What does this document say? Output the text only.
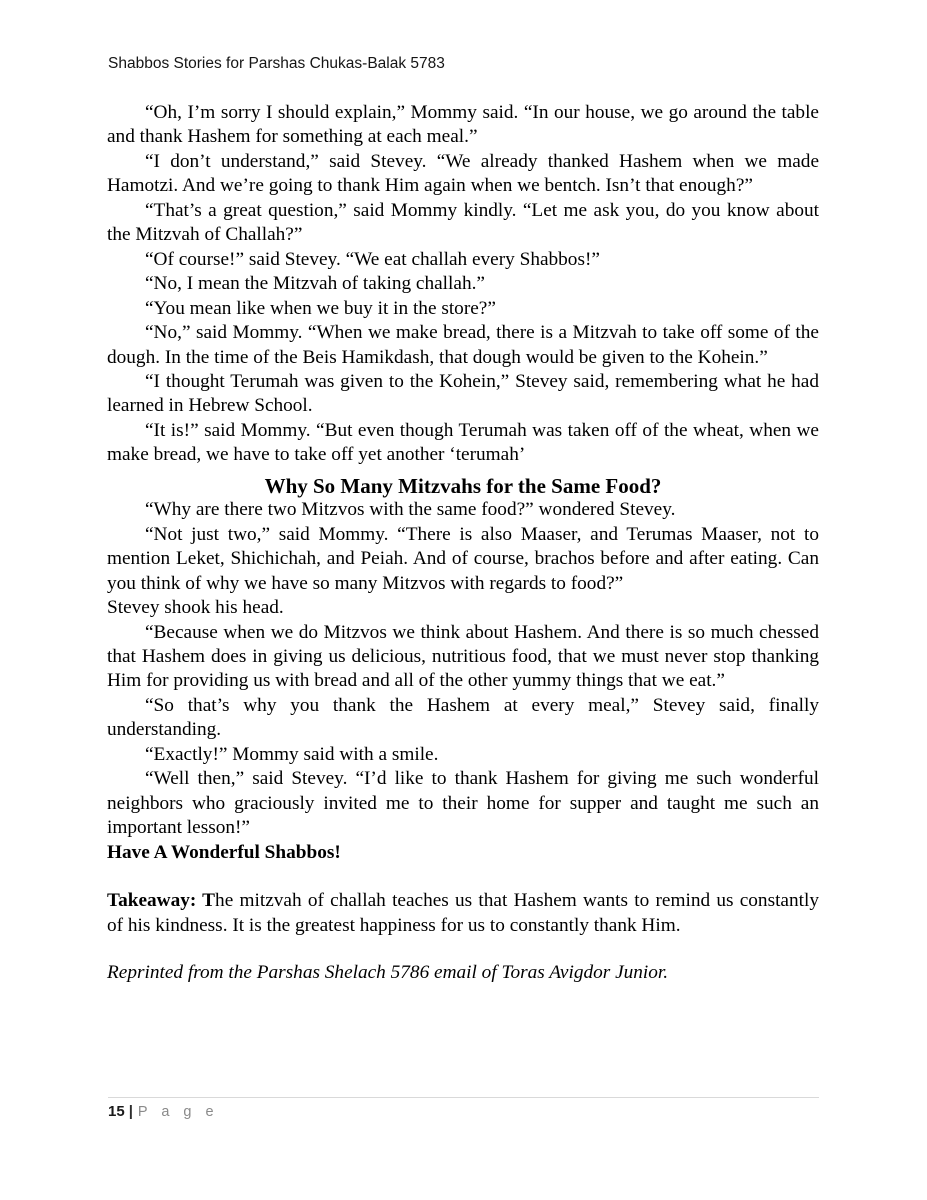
Shabbos Stories for Parshas Chukas-Balak 5783

“Oh, I’m sorry I should explain,” Mommy said. “In our house, we go around the table and thank Hashem for something at each meal.”

“I don’t understand,” said Stevey. “We already thanked Hashem when we made Hamotzi. And we’re going to thank Him again when we bentch. Isn’t that enough?”

“That’s a great question,” said Mommy kindly. “Let me ask you, do you know about the Mitzvah of Challah?”

“Of course!” said Stevey. “We eat challah every Shabbos!”

“No, I mean the Mitzvah of taking challah.”

“You mean like when we buy it in the store?”

“No,” said Mommy. “When we make bread, there is a Mitzvah to take off some of the dough. In the time of the Beis Hamikdash, that dough would be given to the Kohein.”

“I thought Terumah was given to the Kohein,” Stevey said, remembering what he had learned in Hebrew School.

“It is!” said Mommy. “But even though Terumah was taken off of the wheat, when we make bread, we have to take off yet another ‘terumah’

Why So Many Mitzvahs for the Same Food?

“Why are there two Mitzvos with the same food?” wondered Stevey.

“Not just two,” said Mommy. “There is also Maaser, and Terumas Maaser, not to mention Leket, Shichichah, and Peiah. And of course, brachos before and after eating. Can you think of why we have so many Mitzvos with regards to food?”

Stevey shook his head.

“Because when we do Mitzvos we think about Hashem. And there is so much chessed that Hashem does in giving us delicious, nutritious food, that we must never stop thanking Him for providing us with bread and all of the other yummy things that we eat.”

“So that’s why you thank the Hashem at every meal,” Stevey said, finally understanding.

“Exactly!” Mommy said with a smile.

“Well then,” said Stevey. “I’d like to thank Hashem for giving me such wonderful neighbors who graciously invited me to their home for supper and taught me such an important lesson!”

Have A Wonderful Shabbos!

Takeaway: The mitzvah of challah teaches us that Hashem wants to remind us constantly of his kindness. It is the greatest happiness for us to constantly thank Him.

Reprinted from the Parshas Shelach 5786 email of Toras Avigdor Junior.

15 | P a g e
